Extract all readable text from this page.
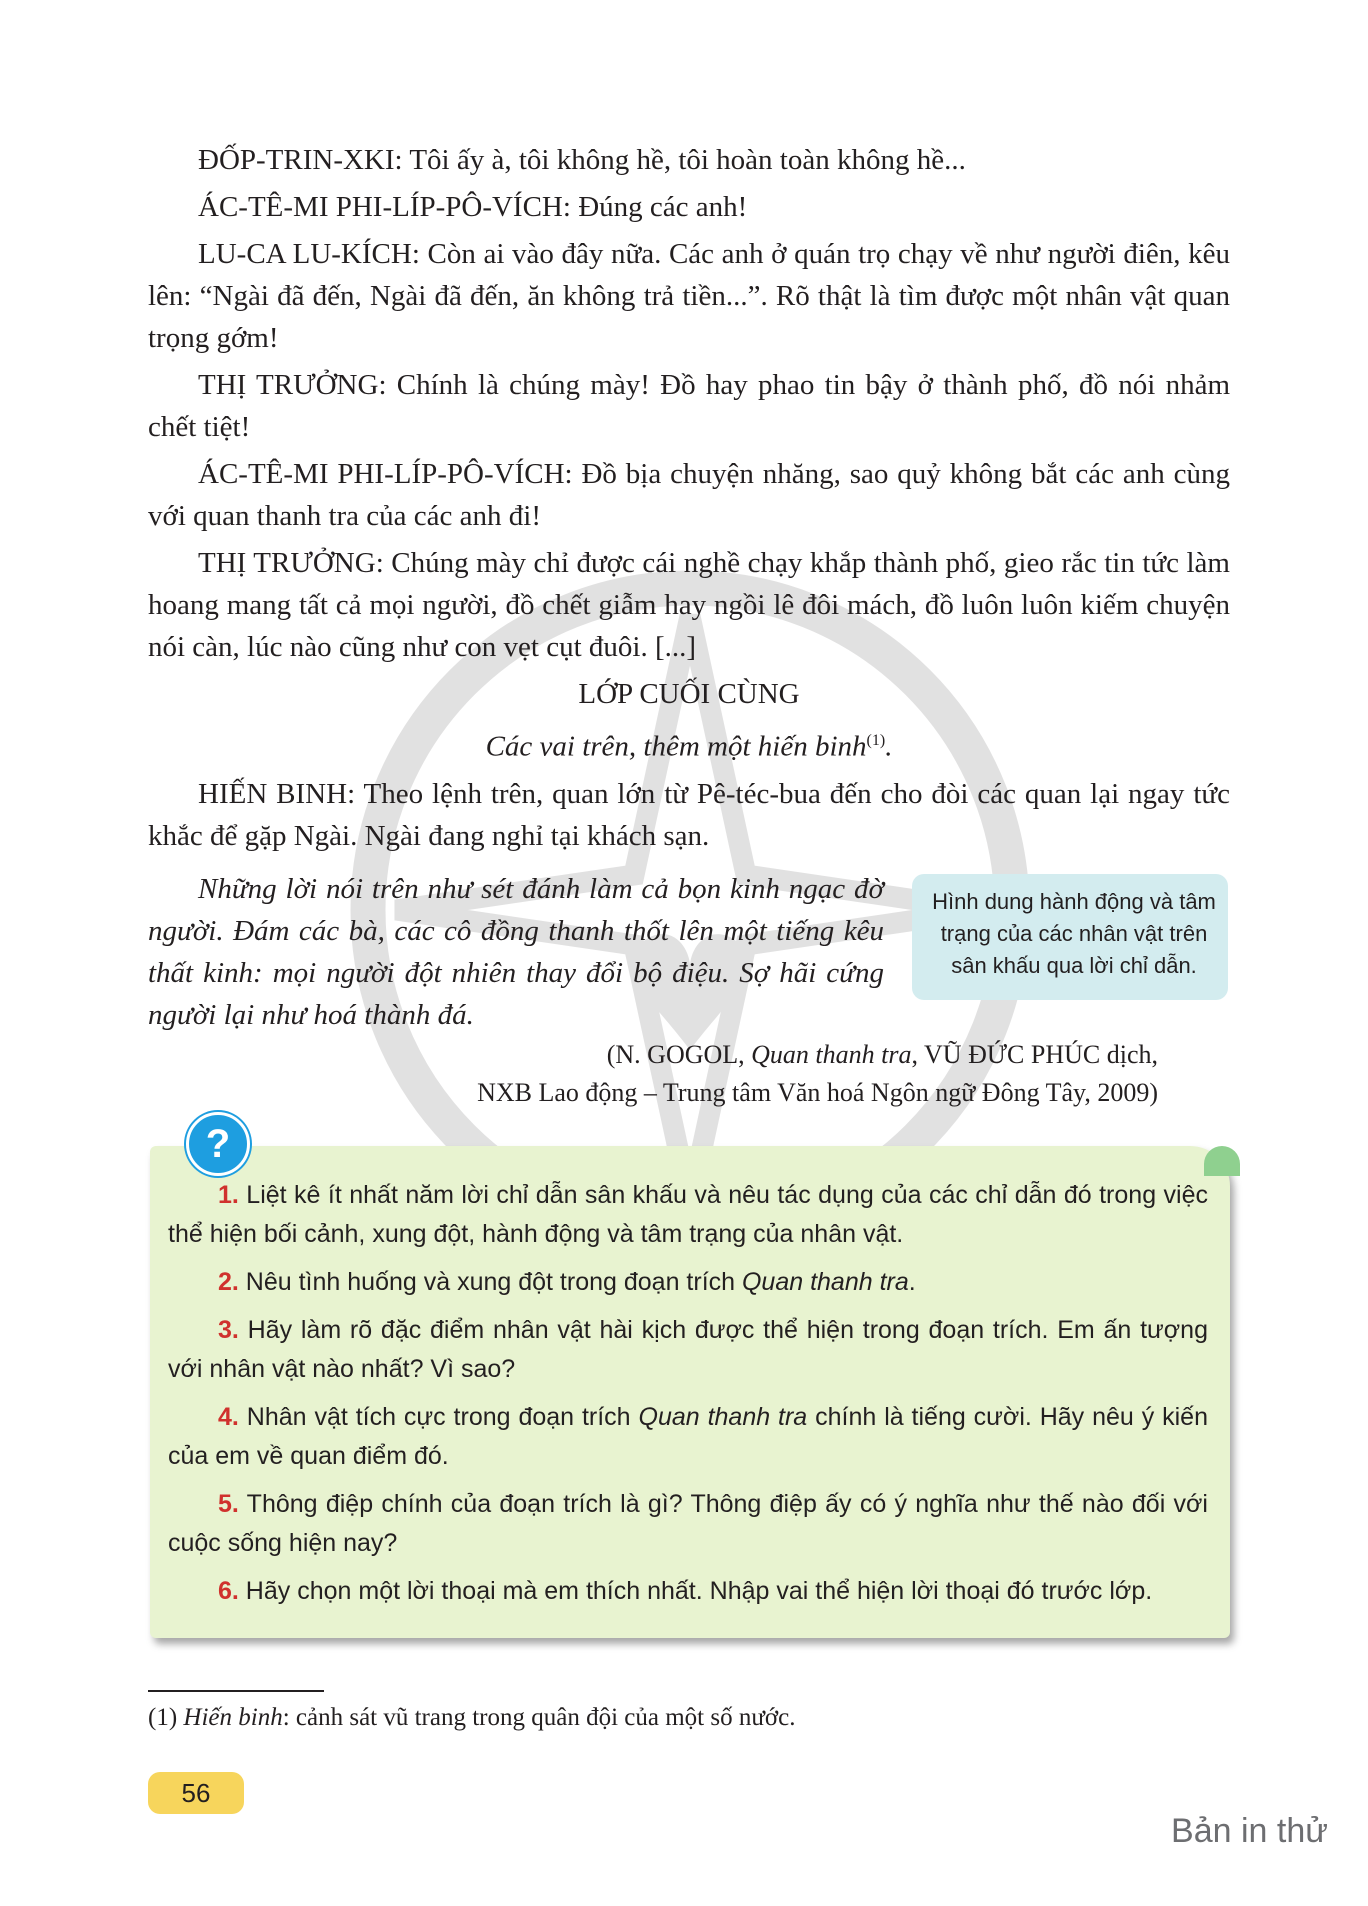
ĐỐP-TRIN-XKI: Tôi ấy à, tôi không hề, tôi hoàn toàn không hề...

ÁC-TÊ-MI PHI-LÍP-PÔ-VÍCH: Đúng các anh!

LU-CA LU-KÍCH: Còn ai vào đây nữa. Các anh ở quán trọ chạy về như người điên, kêu lên: “Ngài đã đến, Ngài đã đến, ăn không trả tiền...”. Rõ thật là tìm được một nhân vật quan trọng gớm!

THỊ TRƯỞNG: Chính là chúng mày! Đồ hay phao tin bậy ở thành phố, đồ nói nhảm chết tiệt!

ÁC-TÊ-MI PHI-LÍP-PÔ-VÍCH: Đồ bịa chuyện nhăng, sao quỷ không bắt các anh cùng với quan thanh tra của các anh đi!

THỊ TRƯỞNG: Chúng mày chỉ được cái nghề chạy khắp thành phố, gieo rắc tin tức làm hoang mang tất cả mọi người, đồ chết giẫm hay ngồi lê đôi mách, đồ luôn luôn kiếm chuyện nói càn, lúc nào cũng như con vẹt cụt đuôi. [...]

LỚP CUỐI CÙNG

Các vai trên, thêm một hiến binh$^{(1)}$.

HIẾN BINH: Theo lệnh trên, quan lớn từ Pê-téc-bua đến cho đòi các quan lại ngay tức khắc để gặp Ngài. Ngài đang nghỉ tại khách sạn.

Những lời nói trên như sét đánh làm cả bọn kinh ngạc đờ người. Đám các bà, các cô đồng thanh thốt lên một tiếng kêu thất kinh: mọi người đột nhiên thay đổi bộ điệu. Sợ hãi cứng người lại như hoá thành đá.

Hình dung hành động và tâm trạng của các nhân vật trên sân khấu qua lời chỉ dẫn.
(N. GOGOL, Quan thanh tra, VŨ ĐỨC PHÚC dịch,
NXB Lao động – Trung tâm Văn hoá Ngôn ngữ Đông Tây, 2009)
?

1. Liệt kê ít nhất năm lời chỉ dẫn sân khấu và nêu tác dụng của các chỉ dẫn đó trong việc thể hiện bối cảnh, xung đột, hành động và tâm trạng của nhân vật.

2. Nêu tình huống và xung đột trong đoạn trích Quan thanh tra.

3. Hãy làm rõ đặc điểm nhân vật hài kịch được thể hiện trong đoạn trích. Em ấn tượng với nhân vật nào nhất? Vì sao?

4. Nhân vật tích cực trong đoạn trích Quan thanh tra chính là tiếng cười. Hãy nêu ý kiến của em về quan điểm đó.

5. Thông điệp chính của đoạn trích là gì? Thông điệp ấy có ý nghĩa như thế nào đối với cuộc sống hiện nay?

6. Hãy chọn một lời thoại mà em thích nhất. Nhập vai thể hiện lời thoại đó trước lớp.

(1) Hiến binh: cảnh sát vũ trang trong quân đội của một số nước.
56
Bản in thử
